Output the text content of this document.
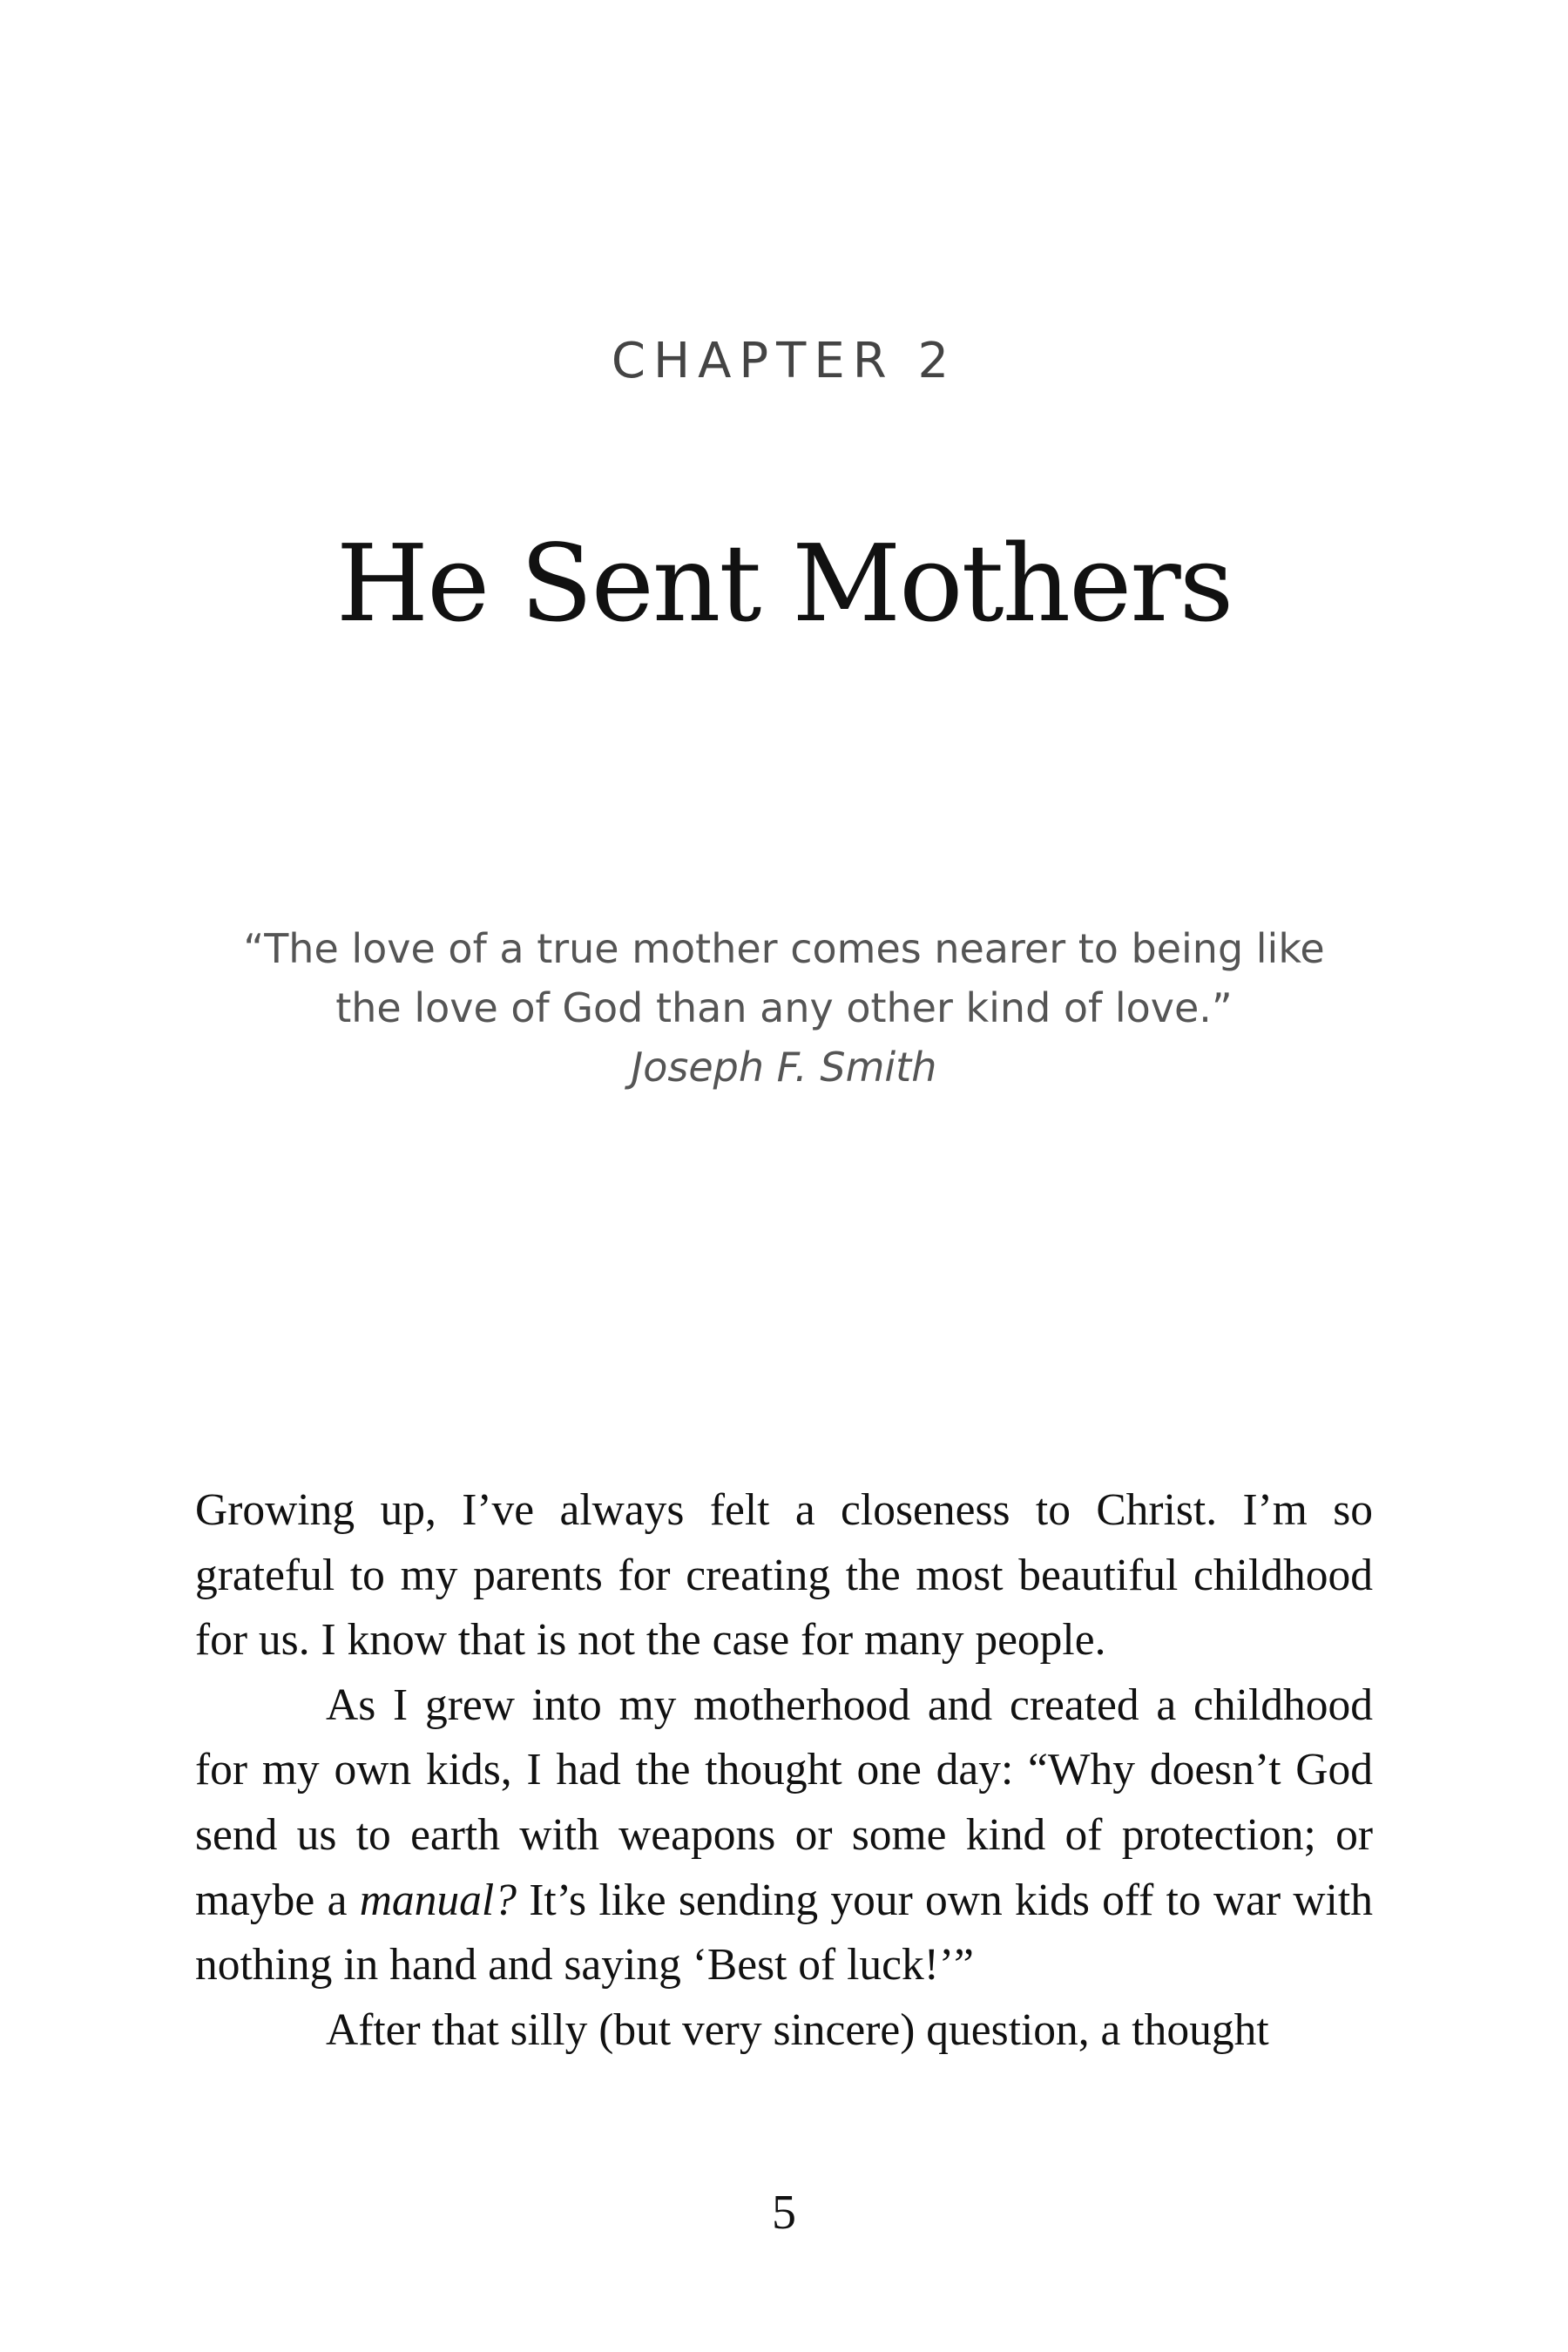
CHAPTER 2
He Sent Mothers
“The love of a true mother comes nearer to being like
the love of God than any other kind of love.”
Joseph F. Smith

Growing up, I’ve always felt a closeness to Christ. I’m so grateful to my parents for creating the most beautiful childhood for us. I know that is not the case for many people.

As I grew into my motherhood and created a childhood for my own kids, I had the thought one day: “Why doesn’t God send us to earth with weapons or some kind of protection; or maybe a manual? It’s like sending your own kids off to war with nothing in hand and saying ‘Best of luck!’”

After that silly (but very sincere) question, a thought

5
